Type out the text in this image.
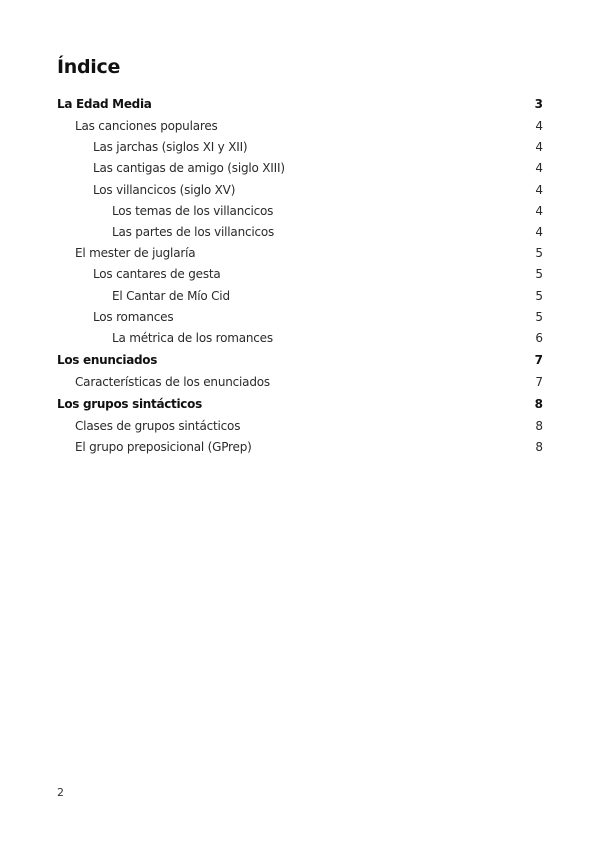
Índice
La Edad Media	3
Las canciones populares	4
Las jarchas (siglos XI y XII)	4
Las cantigas de amigo (siglo XIII)	4
Los villancicos (siglo XV)	4
Los temas de los villancicos	4
Las partes de los villancicos	4
El mester de juglaría	5
Los cantares de gesta	5
El Cantar de Mío Cid	5
Los romances	5
La métrica de los romances	6
Los enunciados	7
Características de los enunciados	7
Los grupos sintácticos	8
Clases de grupos sintácticos	8
El grupo preposicional (GPrep)	8
2
